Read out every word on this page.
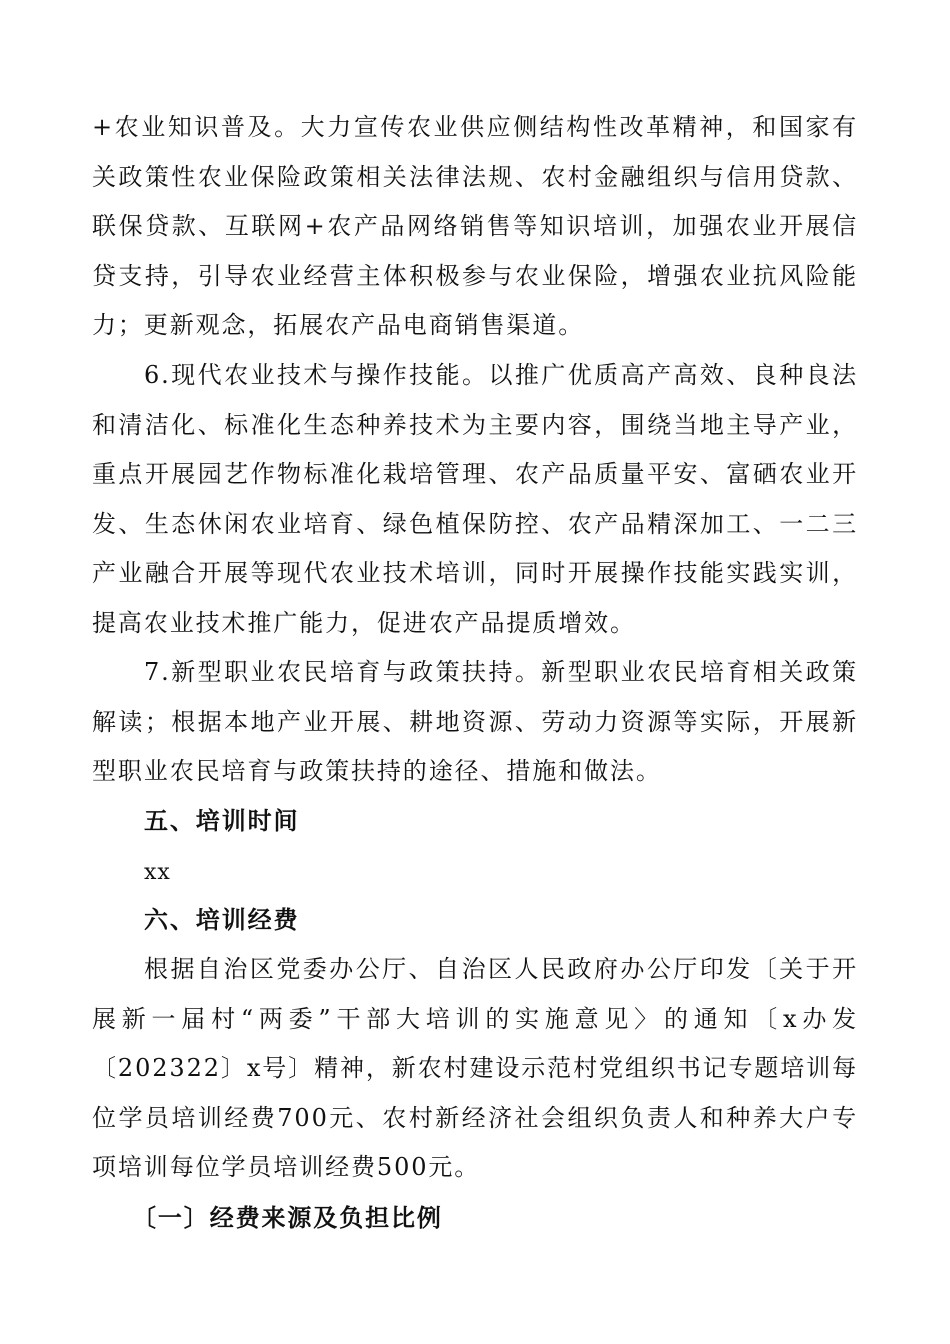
+农业知识普及。大力宣传农业供应侧结构性改革精神，和国家有关政策性农业保险政策相关法律法规、农村金融组织与信用贷款、联保贷款、互联网+农产品网络销售等知识培训，加强农业开展信贷支持，引导农业经营主体积极参与农业保险，增强农业抗风险能力；更新观念，拓展农产品电商销售渠道。

6.现代农业技术与操作技能。以推广优质高产高效、良种良法和清洁化、标准化生态种养技术为主要内容，围绕当地主导产业，重点开展园艺作物标准化栽培管理、农产品质量平安、富硒农业开发、生态休闲农业培育、绿色植保防控、农产品精深加工、一二三产业融合开展等现代农业技术培训，同时开展操作技能实践实训，提高农业技术推广能力，促进农产品提质增效。

7.新型职业农民培育与政策扶持。新型职业农民培育相关政策解读；根据本地产业开展、耕地资源、劳动力资源等实际，开展新型职业农民培育与政策扶持的途径、措施和做法。

五、培训时间

xx

六、培训经费

根据自治区党委办公厅、自治区人民政府办公厅印发〔关于开展新一届村“两委”干部大培训的实施意见〉的通知〔x办发〔202322〕x号〕精神，新农村建设示范村党组织书记专题培训每位学员培训经费700元、农村新经济社会组织负责人和种养大户专项培训每位学员培训经费500元。

〔一〕经费来源及负担比例
